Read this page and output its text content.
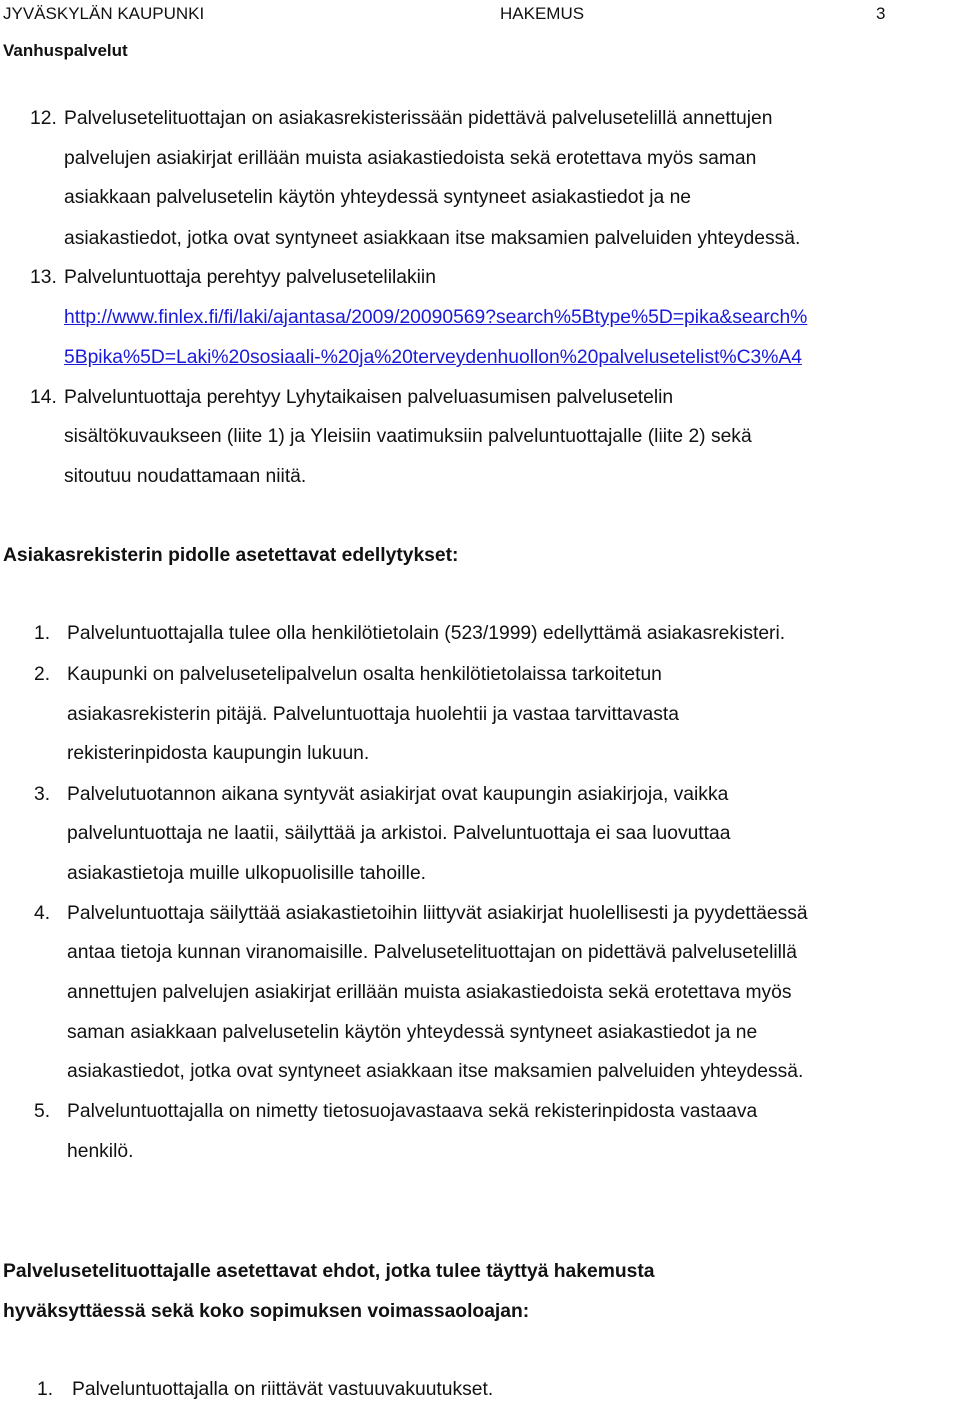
JYVÄSKYLÄN KAUPUNKI	HAKEMUS	3
Vanhuspalvelut
12. Palvelusetelituottajan on asiakasrekisterissään pidettävä palvelusetelillä annettujen
palvelujen asiakirjat erillään muista asiakastiedoista sekä erotettava myös saman
asiakkaan palvelusetelin käytön yhteydessä syntyneet asiakastiedot ja ne
asiakastiedot, jotka ovat syntyneet asiakkaan itse maksamien palveluiden yhteydessä.
13. Palveluntuottaja perehtyy palvelusetelilakiin
http://www.finlex.fi/fi/laki/ajantasa/2009/20090569?search%5Btype%5D=pika&search%
5Bpika%5D=Laki%20sosiaali-%20ja%20terveydenhuollon%20palvelusetelist%C3%A4
14. Palveluntuottaja perehtyy Lyhytaikaisen palveluasumisen palvelusetelin
sisältökuvaukseen (liite 1) ja Yleisiin vaatimuksiin palveluntuottajalle (liite 2) sekä
sitoutuu noudattamaan niitä.
Asiakasrekisterin pidolle asetettavat edellytykset:
1. Palveluntuottajalla tulee olla henkilötietolain (523/1999) edellyttämä asiakasrekisteri.
2. Kaupunki on palvelusetelipalvelun osalta henkilötietolaissa tarkoitetun
asiakasrekisterin pitäjä. Palveluntuottaja huolehtii ja vastaa tarvittavasta
rekisterinpidosta kaupungin lukuun.
3. Palvelutuotannon aikana syntyvät asiakirjat ovat kaupungin asiakirjoja, vaikka
palveluntuottaja ne laatii, säilyttää ja arkistoi. Palveluntuottaja ei saa luovuttaa
asiakastietoja muille ulkopuolisille tahoille.
4. Palveluntuottaja säilyttää asiakastietoihin liittyvät asiakirjat huolellisesti ja pyydettäessä
antaa tietoja kunnan viranomaisille. Palvelusetelituottajan on pidettävä palvelusetelillä
annettujen palvelujen asiakirjat erillään muista asiakastiedoista sekä erotettava myös
saman asiakkaan palvelusetelin käytön yhteydessä syntyneet asiakastiedot ja ne
asiakastiedot, jotka ovat syntyneet asiakkaan itse maksamien palveluiden yhteydessä.
5. Palveluntuottajalla on nimetty tietosuojavastaava sekä rekisterinpidosta vastaava
henkilö.
Palvelusetelituottajalle asetettavat ehdot, jotka tulee täyttyä hakemusta
hyväksyttäessä sekä koko sopimuksen voimassaoloajan:
1. Palveluntuottajalla on riittävät vastuuvakuutukset.
